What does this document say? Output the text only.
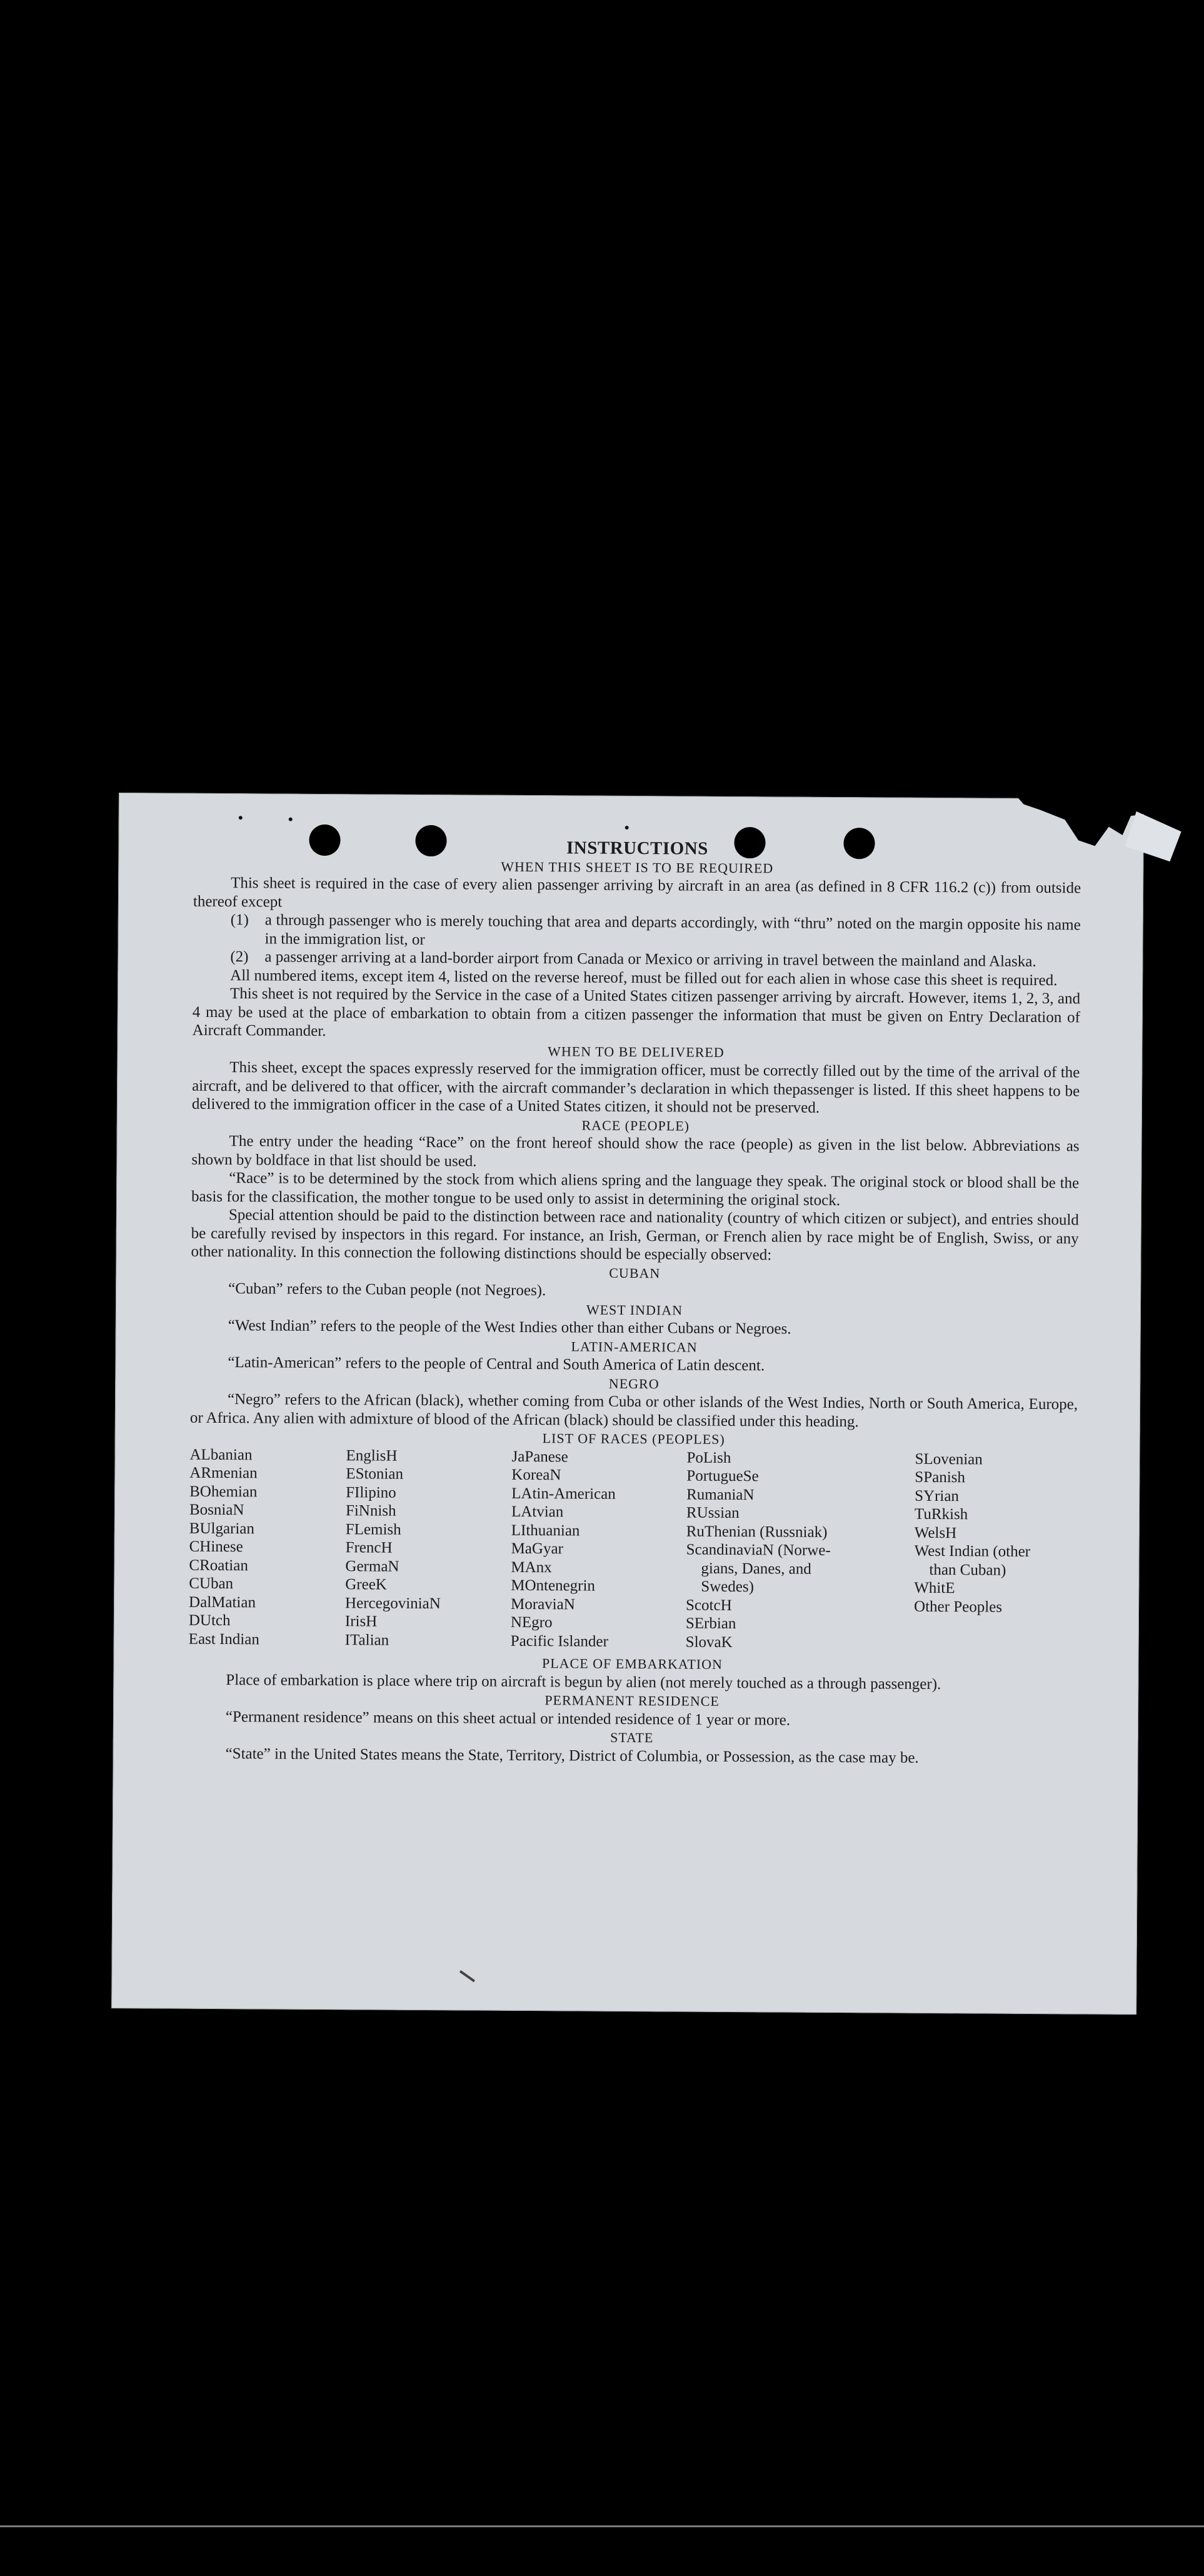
INSTRUCTIONS
WHEN THIS SHEET IS TO BE REQUIRED

This sheet is required in the case of every alien passenger arriving by aircraft in an area (as defined in 8 CFR 116.2 (c)) from outside thereof except

(1)	a through passenger who is merely touching that area and departs accordingly, with “thru” noted on the margin opposite his name in the immigration list, or
(2)	a passenger arriving at a land-border airport from Canada or Mexico or arriving in travel between the mainland and Alaska.

All numbered items, except item 4, listed on the reverse hereof, must be filled out for each alien in whose case this sheet is required.

This sheet is not required by the Service in the case of a United States citizen passenger arriving by aircraft. However, items 1, 2, 3, and 4 may be used at the place of embarkation to obtain from a citizen passenger the information that must be given on Entry Declaration of Aircraft Commander.

WHEN TO BE DELIVERED

This sheet, except the spaces expressly reserved for the immigration officer, must be correctly filled out by the time of the arrival of the aircraft, and be delivered to that officer, with the aircraft commander’s declaration in which thepassenger is listed. If this sheet happens to be delivered to the immigration officer in the case of a United States citizen, it should not be preserved.

RACE (PEOPLE)

The entry under the heading “Race” on the front hereof should show the race (people) as given in the list below. Abbreviations as shown by boldface in that list should be used.

“Race” is to be determined by the stock from which aliens spring and the language they speak. The original stock or blood shall be the basis for the classification, the mother tongue to be used only to assist in determining the original stock.

Special attention should be paid to the distinction between race and nationality (country of which citizen or subject), and entries should be carefully revised by inspectors in this regard. For instance, an Irish, German, or French alien by race might be of English, Swiss, or any other nationality. In this connection the following distinctions should be especially observed:

CUBAN

“Cuban” refers to the Cuban people (not Negroes).

WEST INDIAN

“West Indian” refers to the people of the West Indies other than either Cubans or Negroes.

LATIN-AMERICAN

“Latin-American” refers to the people of Central and South America of Latin descent.

NEGRO

“Negro” refers to the African (black), whether coming from Cuba or other islands of the West Indies, North or South America, Europe, or Africa. Any alien with admixture of blood of the African (black) should be classified under this heading.

LIST OF RACES (PEOPLES)
ALbanian
ARmenian
BOhemian
BosniaN
BUlgarian
CHinese
CRoatian
CUban
DalMatian
DUtch
East Indian
EnglisH
EStonian
FIlipino
FiNnish
FLemish
FrencH
GermaN
GreeK
HercegoviniaN
IrisH
ITalian
JaPanese
KoreaN
LAtin-American
LAtvian
LIthuanian
MaGyar
MAnx
MOntenegrin
MoraviaN
NEgro
Pacific Islander
PoLish
PortugueSe
RumaniaN
RUssian
RuThenian (Russniak)
ScandinaviaN (Norwe-
gians, Danes, and
Swedes)
ScotcH
SErbian
SlovaK
SLovenian
SPanish
SYrian
TuRkish
WelsH
West Indian (other
than Cuban)
WhitE
Other Peoples
PLACE OF EMBARKATION

Place of embarkation is place where trip on aircraft is begun by alien (not merely touched as a through passenger).

PERMANENT RESIDENCE

“Permanent residence” means on this sheet actual or intended residence of 1 year or more.

STATE

“State” in the United States means the State, Territory, District of Columbia, or Possession, as the case may be.
